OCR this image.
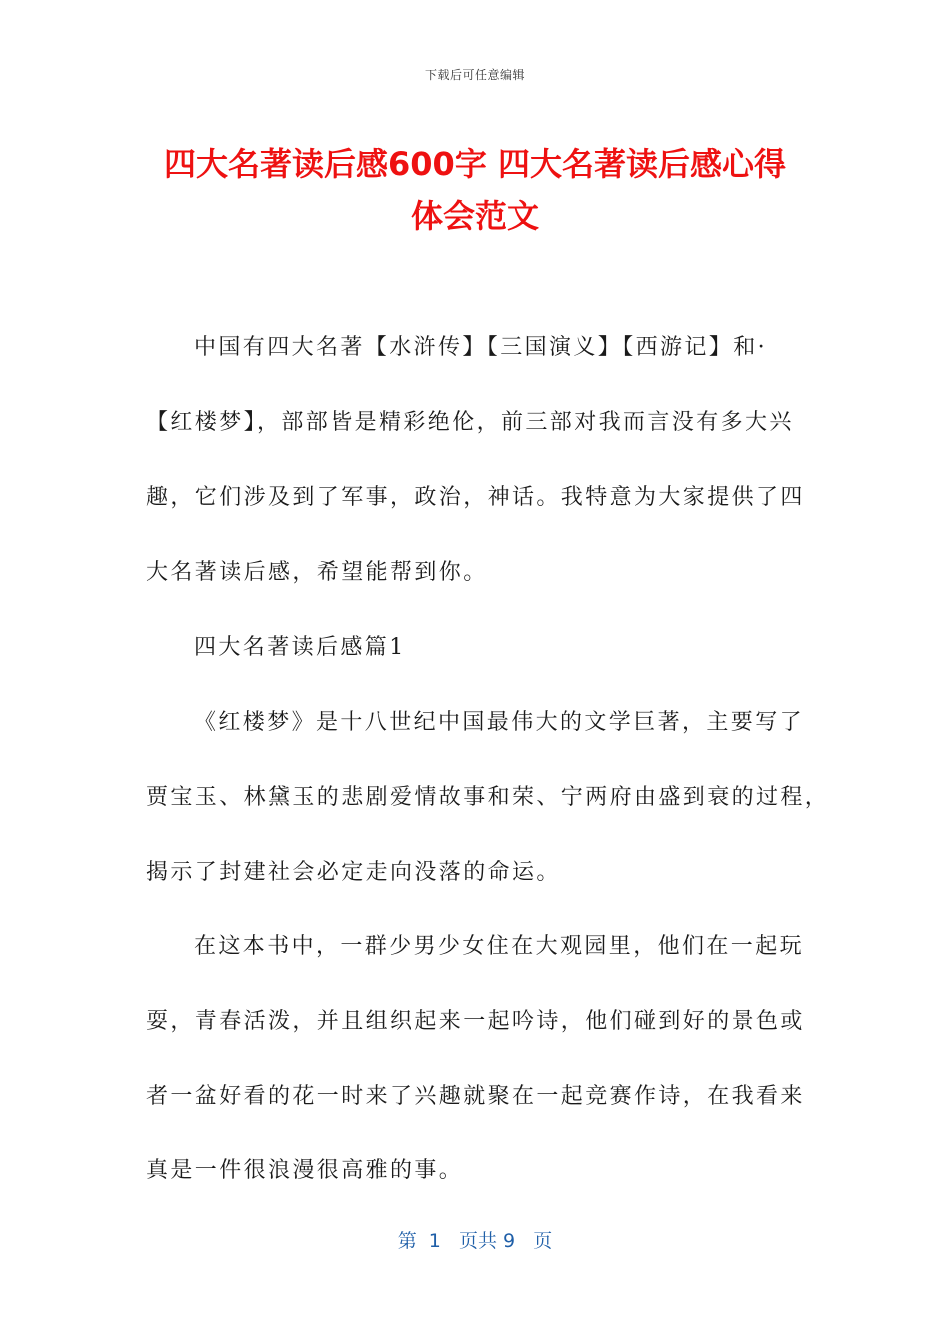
下载后可任意编辑
四大名著读后感600字 四大名著读后感心得
体会范文
中国有四大名著【水浒传】【三国演义】【西游记】和·
【红楼梦】，部部皆是精彩绝伦，前三部对我而言没有多大兴
趣，它们涉及到了军事，政治，神话。我特意为大家提供了四
大名著读后感，希望能帮到你。
四大名著读后感篇1
《红楼梦》是十八世纪中国最伟大的文学巨著，主要写了
贾宝玉、林黛玉的悲剧爱情故事和荣、宁两府由盛到衰的过程，
揭示了封建社会必定走向没落的命运。
在这本书中，一群少男少女住在大观园里，他们在一起玩
耍，青春活泼，并且组织起来一起吟诗，他们碰到好的景色或
者一盆好看的花一时来了兴趣就聚在一起竞赛作诗，在我看来
真是一件很浪漫很高雅的事。
第  1   页共 9   页
